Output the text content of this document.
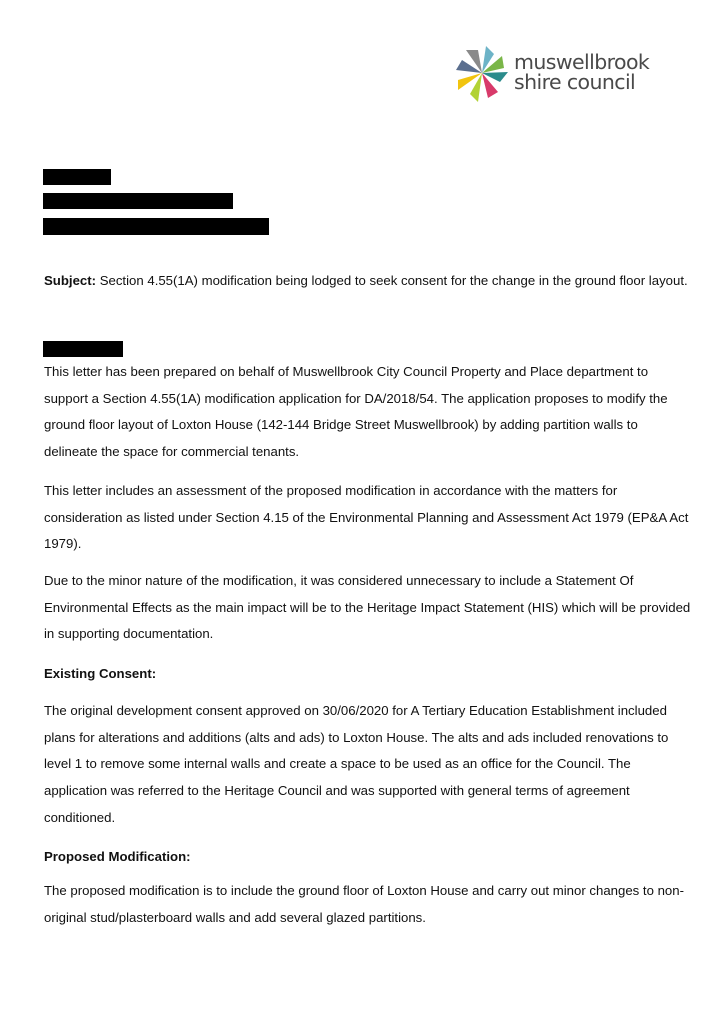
muswellbrook
shire council

Subject: Section 4.55(1A) modification being lodged to seek consent for the change in the ground floor layout.

This letter has been prepared on behalf of Muswellbrook City Council Property and Place department to support a Section 4.55(1A) modification application for DA/2018/54. The application proposes to modify the ground floor layout of Loxton House (142-144 Bridge Street Muswellbrook) by adding partition walls to delineate the space for commercial tenants.

This letter includes an assessment of the proposed modification in accordance with the matters for consideration as listed under Section 4.15 of the Environmental Planning and Assessment Act 1979 (EP&A Act 1979).

Due to the minor nature of the modification, it was considered unnecessary to include a Statement Of Environmental Effects as the main impact will be to the Heritage Impact Statement (HIS) which will be provided in supporting documentation.

Existing Consent:

The original development consent approved on 30/06/2020 for A Tertiary Education Establishment included plans for alterations and additions (alts and ads) to Loxton House. The alts and ads included renovations to level 1 to remove some internal walls and create a space to be used as an office for the Council. The application was referred to the Heritage Council and was supported with general terms of agreement conditioned.

Proposed Modification:

The proposed modification is to include the ground floor of Loxton House and carry out minor changes to non-original stud/plasterboard walls and add several glazed partitions.
